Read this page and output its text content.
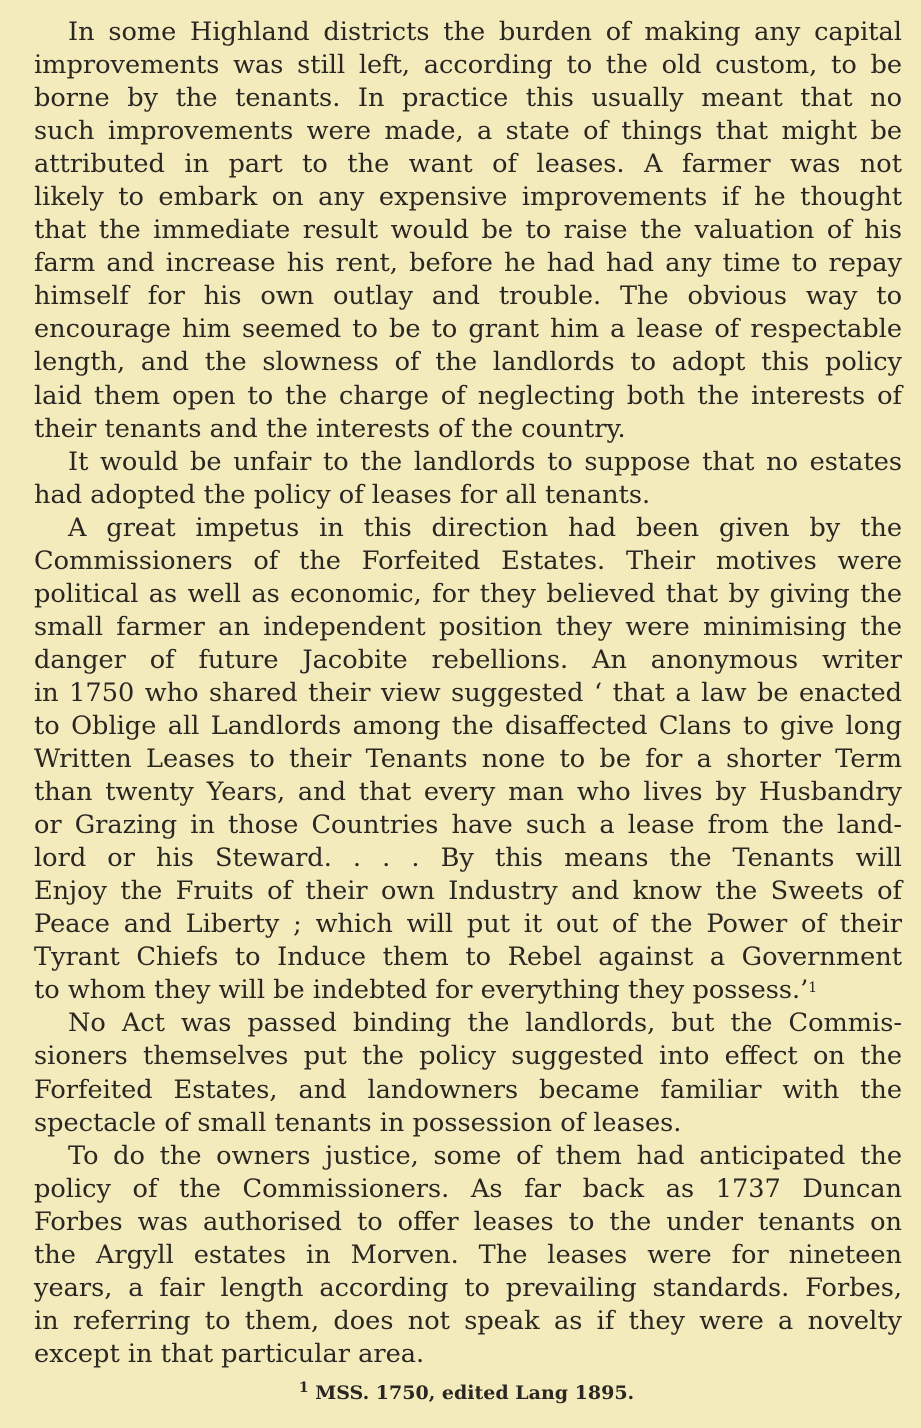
In some Highland districts the burden of making any capital
improvements was still left, according to the old custom, to be
borne by the tenants. In practice this usually meant that no
such improvements were made, a state of things that might be
attributed in part to the want of leases. A farmer was not
likely to embark on any expensive improvements if he thought
that the immediate result would be to raise the valuation of his
farm and increase his rent, before he had had any time to repay
himself for his own outlay and trouble. The obvious way to
encourage him seemed to be to grant him a lease of respectable
length, and the slowness of the landlords to adopt this policy
laid them open to the charge of neglecting both the interests of
their tenants and the interests of the country.
It would be unfair to the landlords to suppose that no estates
had adopted the policy of leases for all tenants.
A great impetus in this direction had been given by the
Commissioners of the Forfeited Estates. Their motives were
political as well as economic, for they believed that by giving the
small farmer an independent position they were minimising the
danger of future Jacobite rebellions. An anonymous writer
in 1750 who shared their view suggested ‘ that a law be enacted
to Oblige all Landlords among the disaffected Clans to give long
Written Leases to their Tenants none to be for a shorter Term
than twenty Years, and that every man who lives by Husbandry
or Grazing in those Countries have such a lease from the land-
lord or his Steward. . . . By this means the Tenants will
Enjoy the Fruits of their own Industry and know the Sweets of
Peace and Liberty ; which will put it out of the Power of their
Tyrant Chiefs to Induce them to Rebel against a Government
to whom they will be indebted for everything they possess.’$^1$
No Act was passed binding the landlords, but the Commis-
sioners themselves put the policy suggested into effect on the
Forfeited Estates, and landowners became familiar with the
spectacle of small tenants in possession of leases.
To do the owners justice, some of them had anticipated the
policy of the Commissioners. As far back as 1737 Duncan
Forbes was authorised to offer leases to the under tenants on
the Argyll estates in Morven. The leases were for nineteen
years, a fair length according to prevailing standards. Forbes,
in referring to them, does not speak as if they were a novelty
except in that particular area.
$^1$ MSS. 1750, edited Lang 1895.
